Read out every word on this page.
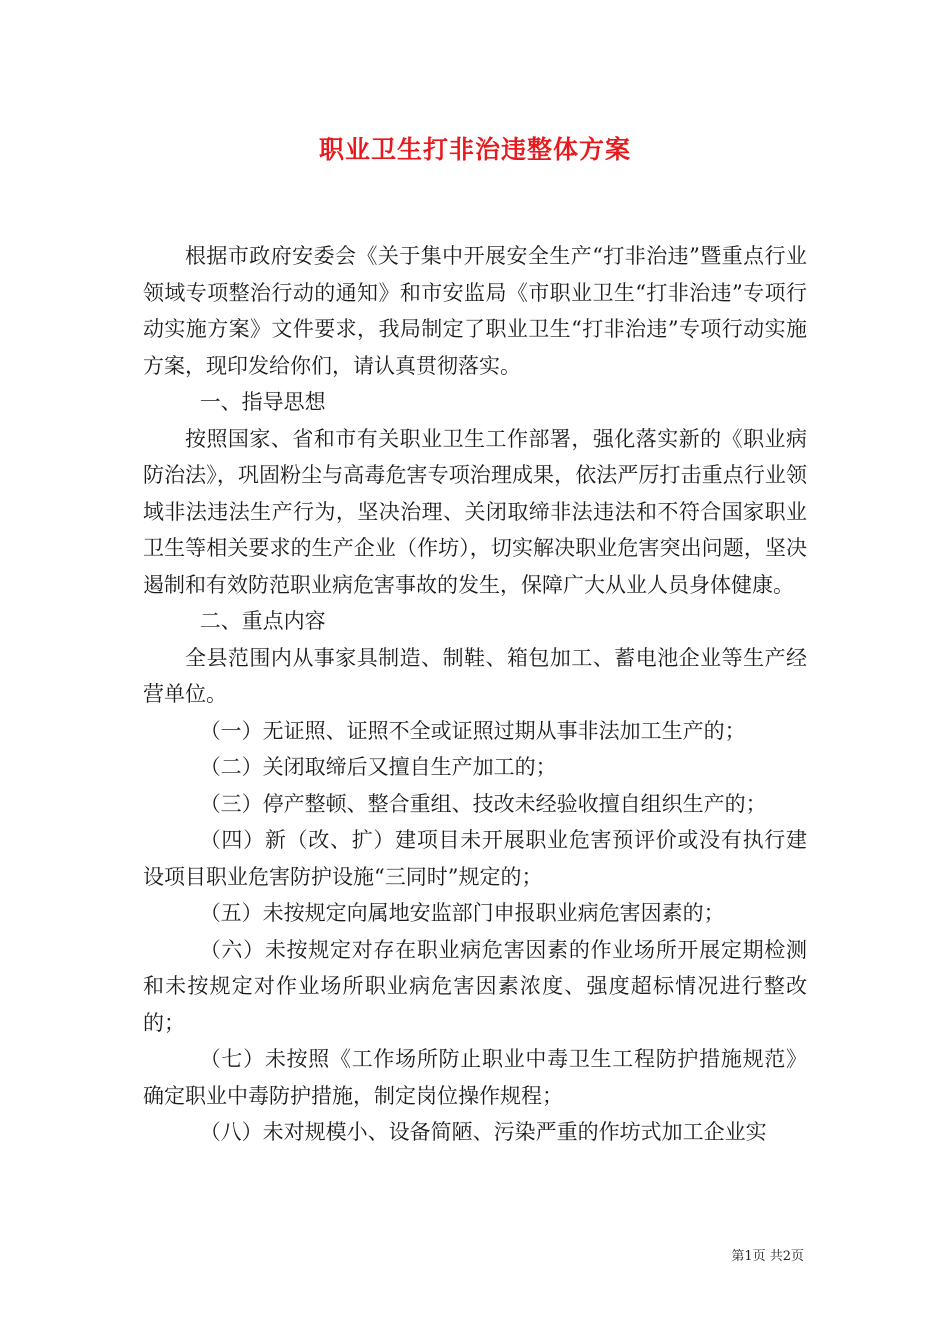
职业卫生打非治违整体方案

根据市政府安委会《关于集中开展安全生产“打非治违”暨重点行业领域专项整治行动的通知》和市安监局《市职业卫生“打非治违”专项行动实施方案》文件要求，我局制定了职业卫生“打非治违”专项行动实施方案，现印发给你们，请认真贯彻落实。

一、指导思想

按照国家、省和市有关职业卫生工作部署，强化落实新的《职业病防治法》，巩固粉尘与高毒危害专项治理成果，依法严厉打击重点行业领域非法违法生产行为，坚决治理、关闭取缔非法违法和不符合国家职业卫生等相关要求的生产企业（作坊），切实解决职业危害突出问题，坚决遏制和有效防范职业病危害事故的发生，保障广大从业人员身体健康。

二、重点内容

全县范围内从事家具制造、制鞋、箱包加工、蓄电池企业等生产经营单位。

（一）无证照、证照不全或证照过期从事非法加工生产的；

（二）关闭取缔后又擅自生产加工的；

（三）停产整顿、整合重组、技改未经验收擅自组织生产的；

（四）新（改、扩）建项目未开展职业危害预评价或没有执行建设项目职业危害防护设施“三同时”规定的；

（五）未按规定向属地安监部门申报职业病危害因素的；

（六）未按规定对存在职业病危害因素的作业场所开展定期检测和未按规定对作业场所职业病危害因素浓度、强度超标情况进行整改的；

（七）未按照《工作场所防止职业中毒卫生工程防护措施规范》确定职业中毒防护措施，制定岗位操作规程；

（八）未对规模小、设备简陋、污染严重的作坊式加工企业实

第1页 共2页
